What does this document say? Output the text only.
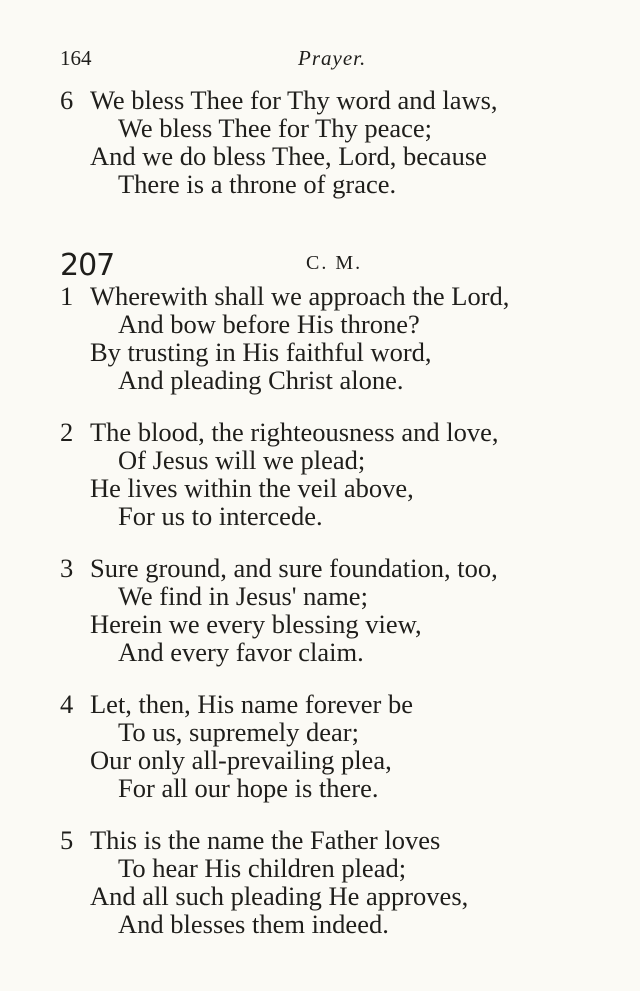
164	Prayer.
6 We bless Thee for Thy word and laws,
We bless Thee for Thy peace;
And we do bless Thee, Lord, because
There is a throne of grace.
207	C. M.
1 Wherewith shall we approach the Lord,
And bow before His throne?
By trusting in His faithful word,
And pleading Christ alone.
2 The blood, the righteousness and love,
Of Jesus will we plead;
He lives within the veil above,
For us to intercede.
3 Sure ground, and sure foundation, too,
We find in Jesus' name;
Herein we every blessing view,
And every favor claim.
4 Let, then, His name forever be
To us, supremely dear;
Our only all-prevailing plea,
For all our hope is there.
5 This is the name the Father loves
To hear His children plead;
And all such pleading He approves,
And blesses them indeed.
